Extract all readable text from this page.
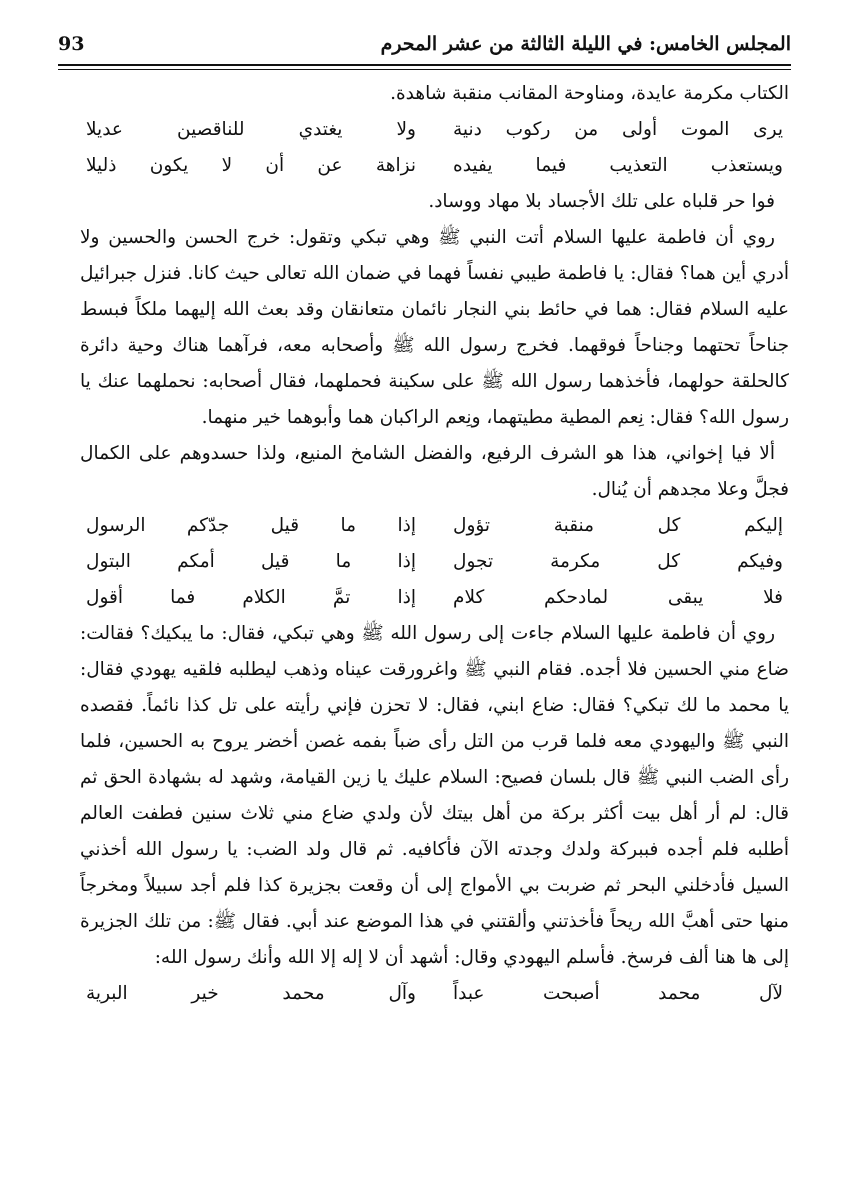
المجلس الخامس: في الليلة الثالثة من عشر المحرم
93

الكتاب مكرمة عايدة، ومناوحة المقانب منقبة شاهدة.

يرى الموت أولى من ركوب دنية
ولا يغتدي للناقصين عديلا
ويستعذب التعذيب فيما يفيده
نزاهة عن أن لا يكون ذليلا

فوا حر قلباه على تلك الأجساد بلا مهاد ووساد.

روي أن فاطمة عليها السلام أتت النبي ﷺ وهي تبكي وتقول: خرج الحسن والحسين ولا أدري أين هما؟ فقال: يا فاطمة طيبي نفساً فهما في ضمان الله تعالى حيث كانا. فنزل جبرائيل عليه السلام فقال: هما في حائط بني النجار نائمان متعانقان وقد بعث الله إليهما ملكاً فبسط جناحاً تحتهما وجناحاً فوقهما. فخرج رسول الله ﷺ وأصحابه معه، فرآهما هناك وحية دائرة كالحلقة حولهما، فأخذهما رسول الله ﷺ على سكينة فحملهما، فقال أصحابه: نحملهما عنك يا رسول الله؟ فقال: نِعم المطية مطيتهما، ونِعم الراكبان هما وأبوهما خير منهما.

ألا فيا إخواني، هذا هو الشرف الرفيع، والفضل الشامخ المنيع، ولذا حسدوهم على الكمال فجلَّ وعلا مجدهم أن يُنال.

إليكم كل منقبة تؤول
إذا ما قيل جدّكم الرسول
وفيكم كل مكرمة تجول
إذا ما قيل أمكم البتول
فلا يبقى لمادحكم كلام
إذا تمَّ الكلام فما أقول

روي أن فاطمة عليها السلام جاءت إلى رسول الله ﷺ وهي تبكي، فقال: ما يبكيك؟ فقالت: ضاع مني الحسين فلا أجده. فقام النبي ﷺ واغرورقت عيناه وذهب ليطلبه فلقيه يهودي فقال: يا محمد ما لك تبكي؟ فقال: ضاع ابني، فقال: لا تحزن فإني رأيته على تل كذا نائماً. فقصده النبي ﷺ واليهودي معه فلما قرب من التل رأى ضباً بفمه غصن أخضر يروح به الحسين، فلما رأى الضب النبي ﷺ قال بلسان فصيح: السلام عليك يا زين القيامة، وشهد له بشهادة الحق ثم قال: لم أر أهل بيت أكثر بركة من أهل بيتك لأن ولدي ضاع مني ثلاث سنين فطفت العالم أطلبه فلم أجده فببركة ولدك وجدته الآن فأكافيه. ثم قال ولد الضب: يا رسول الله أخذني السيل فأدخلني البحر ثم ضربت بي الأمواج إلى أن وقعت بجزيرة كذا فلم أجد سبيلاً ومخرجاً منها حتى أهبَّ الله ريحاً فأخذتني وألقتني في هذا الموضع عند أبي. فقال ﷺ: من تلك الجزيرة إلى ها هنا ألف فرسخ. فأسلم اليهودي وقال: أشهد أن لا إله إلا الله وأنك رسول الله:

لآل محمد أصبحت عبداً
وآل محمد خير البرية
